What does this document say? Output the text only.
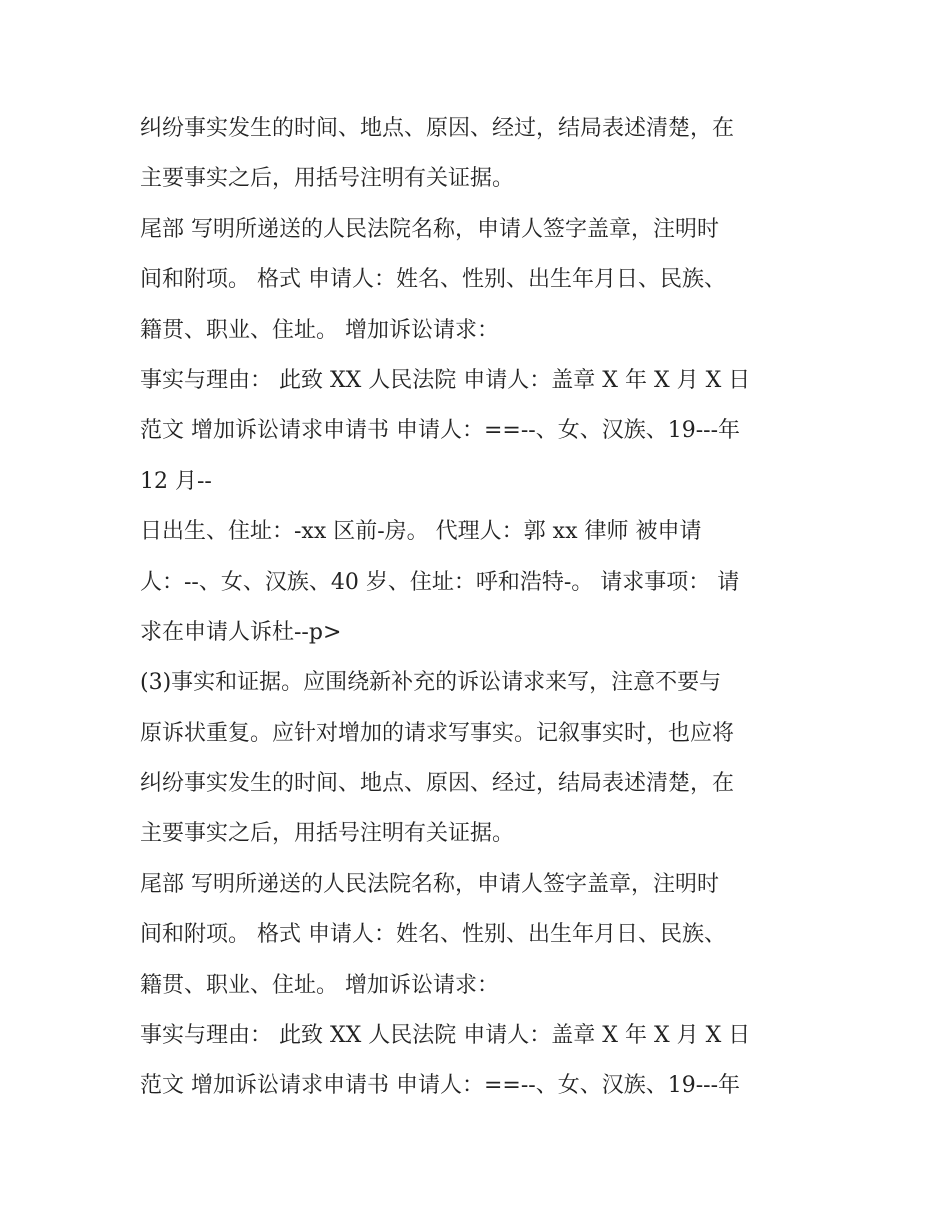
纠纷事实发生的时间、地点、原因、经过，结局表述清楚，在
主要事实之后，用括号注明有关证据。
尾部 写明所递送的人民法院名称，申请人签字盖章，注明时
间和附项。 格式 申请人：姓名、性别、出生年月日、民族、
籍贯、职业、住址。 增加诉讼请求：
事实与理由： 此致 XX 人民法院 申请人：盖章 X 年 X 月 X 日
范文 增加诉讼请求申请书 申请人：==--、女、汉族、19---年
12 月--
日出生、住址：-xx 区前-房。 代理人：郭 xx 律师 被申请
人：--、女、汉族、40 岁、住址：呼和浩特-。 请求事项： 请
求在申请人诉杜--p>
(3)事实和证据。应围绕新补充的诉讼请求来写，注意不要与
原诉状重复。应针对增加的请求写事实。记叙事实时，也应将
纠纷事实发生的时间、地点、原因、经过，结局表述清楚，在
主要事实之后，用括号注明有关证据。
尾部 写明所递送的人民法院名称，申请人签字盖章，注明时
间和附项。 格式 申请人：姓名、性别、出生年月日、民族、
籍贯、职业、住址。 增加诉讼请求：
事实与理由： 此致 XX 人民法院 申请人：盖章 X 年 X 月 X 日
范文 增加诉讼请求申请书 申请人：==--、女、汉族、19---年
